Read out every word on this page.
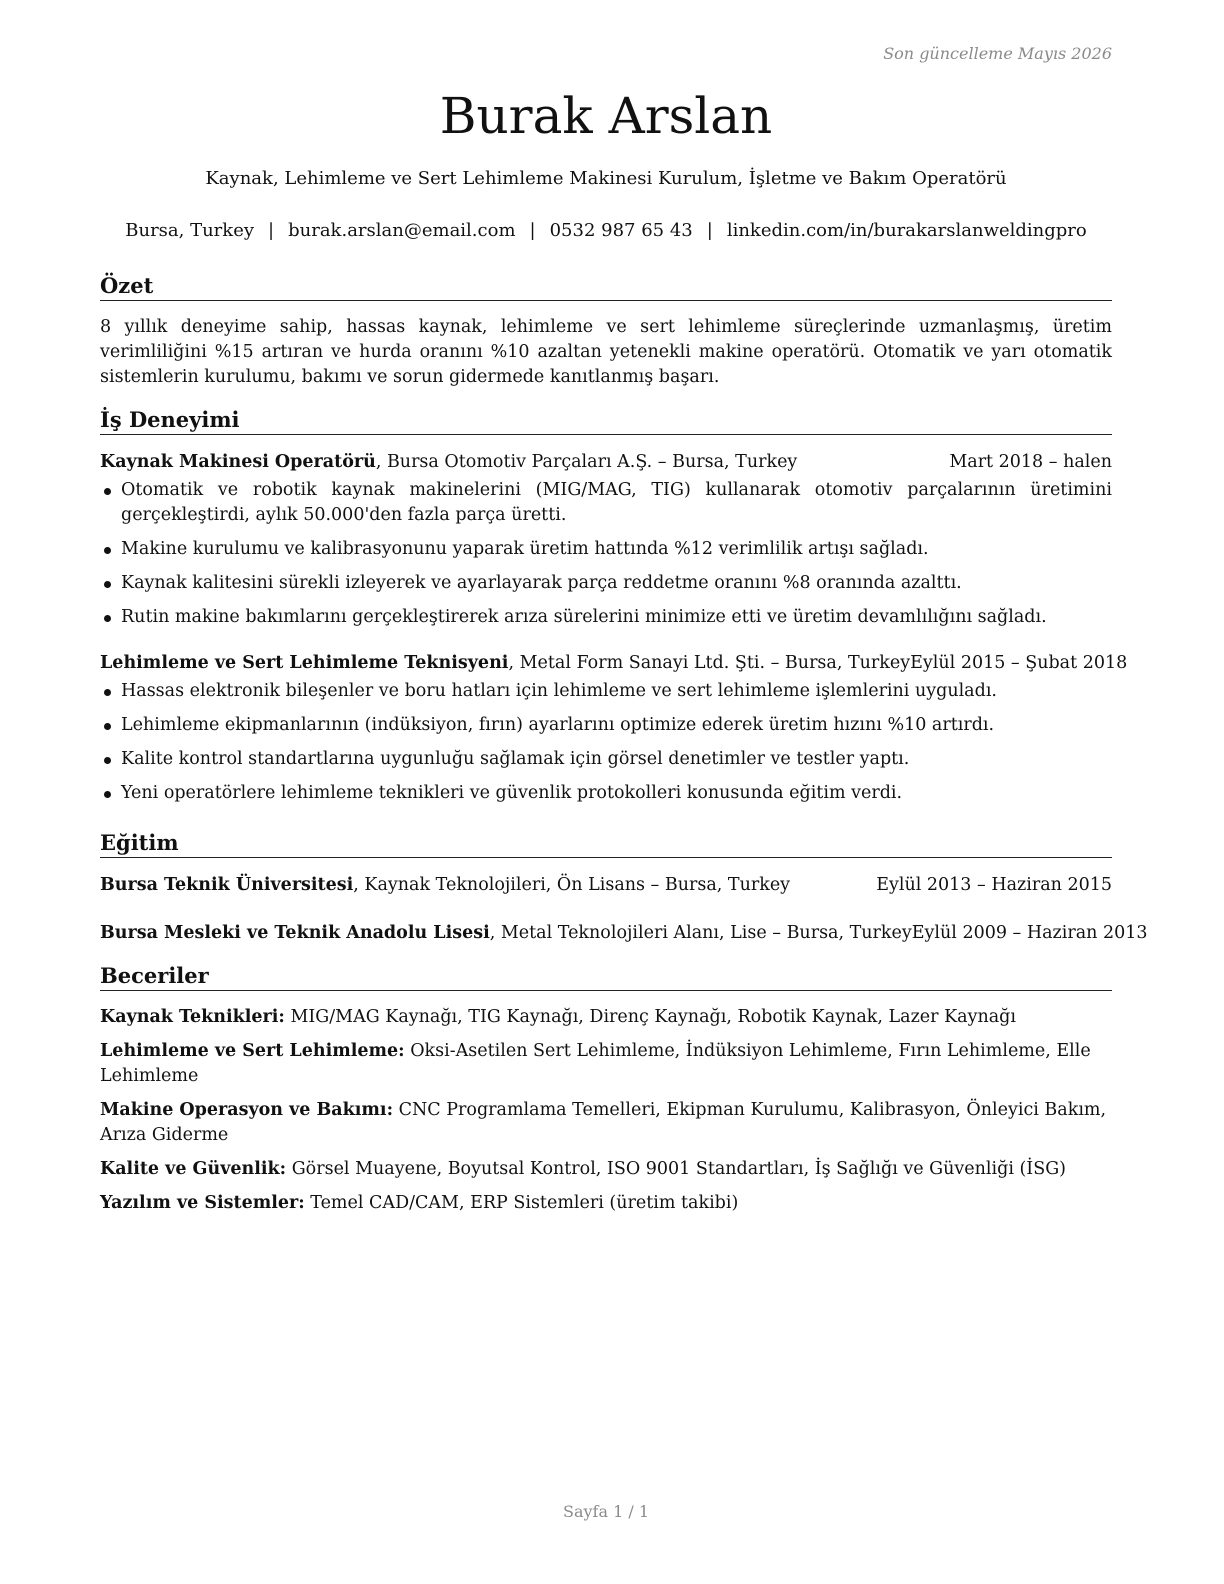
Son güncelleme Mayıs 2026
Burak Arslan
Kaynak, Lehimleme ve Sert Lehimleme Makinesi Kurulum, İşletme ve Bakım Operatörü
Bursa, Turkey | burak.arslan@email.com | 0532 987 65 43 | linkedin.com/in/burakarslanweldingpro
Özet
8 yıllık deneyime sahip, hassas kaynak, lehimleme ve sert lehimleme süreçlerinde uzmanlaşmış, üretim verimliliğini %15 artıran ve hurda oranını %10 azaltan yetenekli makine operatörü. Otomatik ve yarı otomatik sistemlerin kurulumu, bakımı ve sorun gidermede kanıtlanmış başarı.
İş Deneyimi
Kaynak Makinesi Operatörü, Bursa Otomotiv Parçaları A.Ş. – Bursa, Turkey	Mart 2018 – halen
Otomatik ve robotik kaynak makinelerini (MIG/MAG, TIG) kullanarak otomotiv parçalarının üretimini gerçekleştirdi, aylık 50.000'den fazla parça üretti.
Makine kurulumu ve kalibrasyonunu yaparak üretim hattında %12 verimlilik artışı sağladı.
Kaynak kalitesini sürekli izleyerek ve ayarlayarak parça reddetme oranını %8 oranında azalttı.
Rutin makine bakımlarını gerçekleştirerek arıza sürelerini minimize etti ve üretim devamlılığını sağladı.
Lehimleme ve Sert Lehimleme Teknisyeni, Metal Form Sanayi Ltd. Şti. – Bursa, Turkey Eylül 2015 – Şubat 2018
Hassas elektronik bileşenler ve boru hatları için lehimleme ve sert lehimleme işlemlerini uyguladı.
Lehimleme ekipmanlarının (indüksiyon, fırın) ayarlarını optimize ederek üretim hızını %10 artırdı.
Kalite kontrol standartlarına uygunluğu sağlamak için görsel denetimler ve testler yaptı.
Yeni operatörlere lehimleme teknikleri ve güvenlik protokolleri konusunda eğitim verdi.
Eğitim
Bursa Teknik Üniversitesi, Kaynak Teknolojileri, Ön Lisans – Bursa, Turkey	Eylül 2013 – Haziran 2015
Bursa Mesleki ve Teknik Anadolu Lisesi, Metal Teknolojileri Alanı, Lise – Bursa, Turkey Eylül 2009 – Haziran 2013
Beceriler
Kaynak Teknikleri: MIG/MAG Kaynağı, TIG Kaynağı, Direnç Kaynağı, Robotik Kaynak, Lazer Kaynağı
Lehimleme ve Sert Lehimleme: Oksi-Asetilen Sert Lehimleme, İndüksiyon Lehimleme, Fırın Lehimleme, Elle Lehimleme
Makine Operasyon ve Bakımı: CNC Programlama Temelleri, Ekipman Kurulumu, Kalibrasyon, Önleyici Bakım, Arıza Giderme
Kalite ve Güvenlik: Görsel Muayene, Boyutsal Kontrol, ISO 9001 Standartları, İş Sağlığı ve Güvenliği (İSG)
Yazılım ve Sistemler: Temel CAD/CAM, ERP Sistemleri (üretim takibi)
Sayfa 1 / 1
